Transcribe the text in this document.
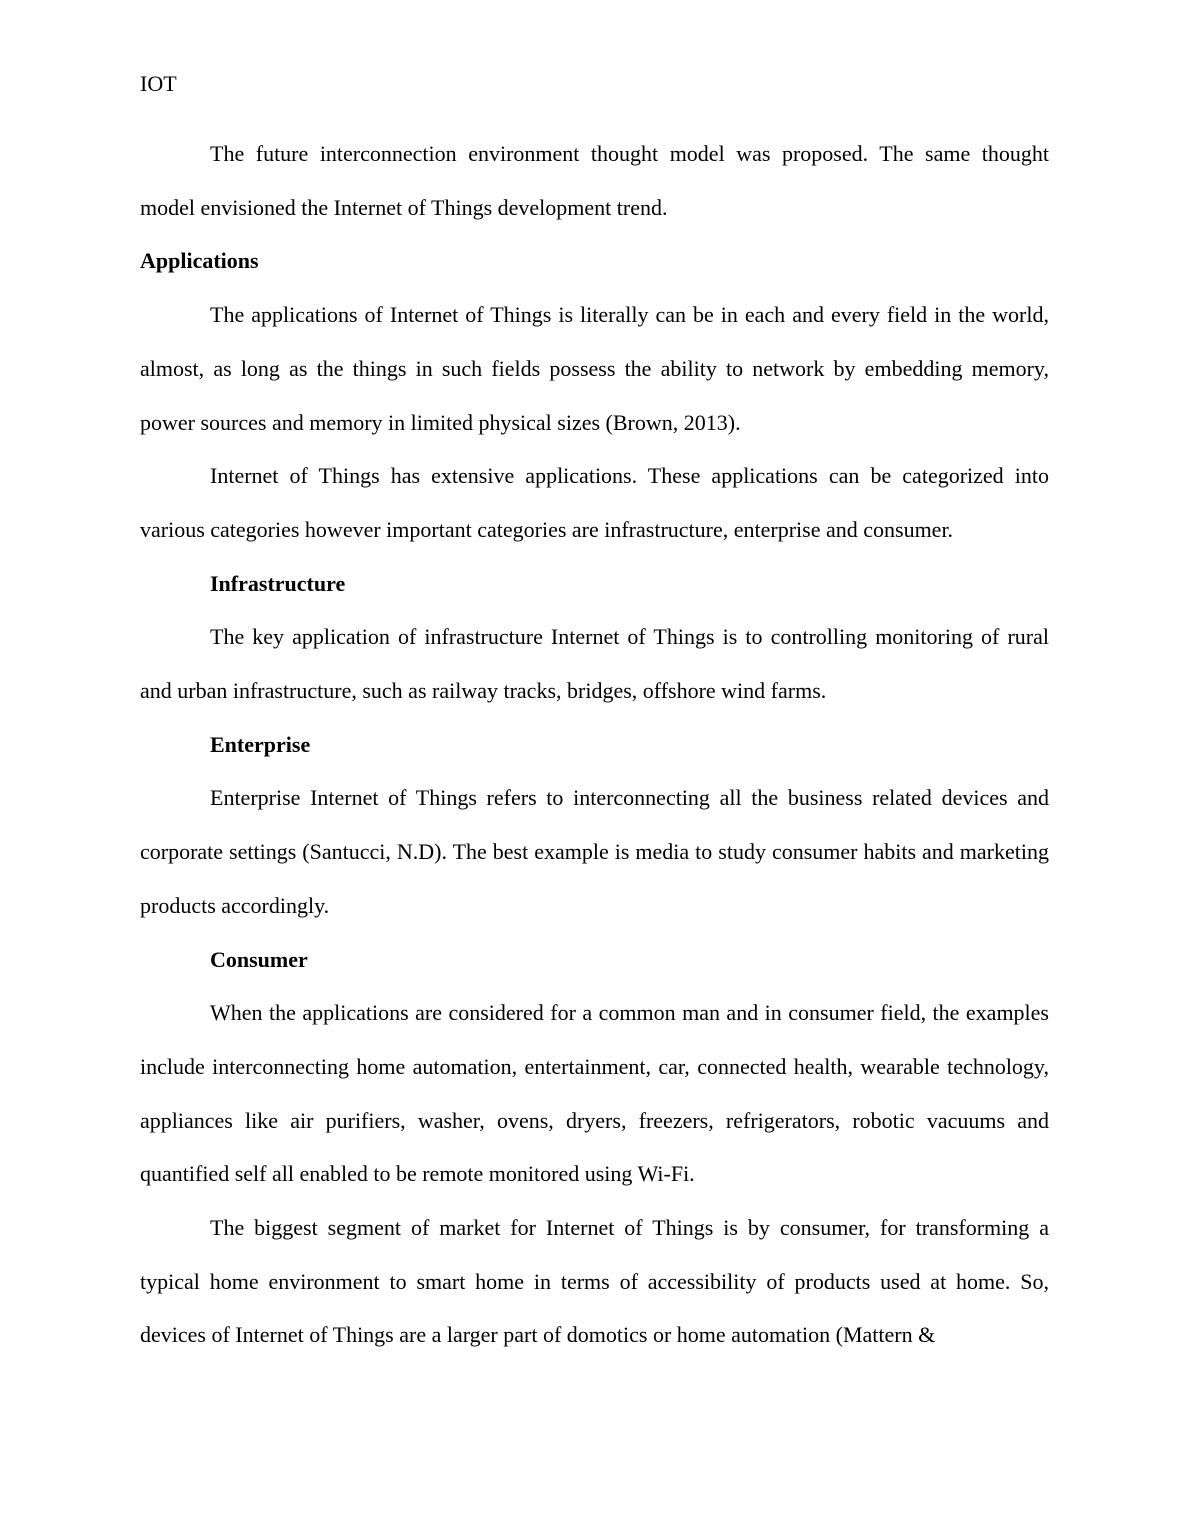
IOT

The future interconnection environment thought model was proposed. The same thought model envisioned the Internet of Things development trend.

Applications

The applications of Internet of Things is literally can be in each and every field in the world, almost, as long as the things in such fields possess the ability to network by embedding memory, power sources and memory in limited physical sizes (Brown, 2013).

Internet of Things has extensive applications. These applications can be categorized into various categories however important categories are infrastructure, enterprise and consumer.

Infrastructure

The key application of infrastructure Internet of Things is to controlling monitoring of rural and urban infrastructure, such as railway tracks, bridges, offshore wind farms.

Enterprise

Enterprise Internet of Things refers to interconnecting all the business related devices and corporate settings (Santucci, N.D). The best example is media to study consumer habits and marketing products accordingly.

Consumer

When the applications are considered for a common man and in consumer field, the examples include interconnecting home automation, entertainment, car, connected health, wearable technology, appliances like air purifiers, washer, ovens, dryers, freezers, refrigerators, robotic vacuums and quantified self all enabled to be remote monitored using Wi-Fi.

The biggest segment of market for Internet of Things is by consumer, for transforming a typical home environment to smart home in terms of accessibility of products used at home. So, devices of Internet of Things are a larger part of domotics or home automation (Mattern &
